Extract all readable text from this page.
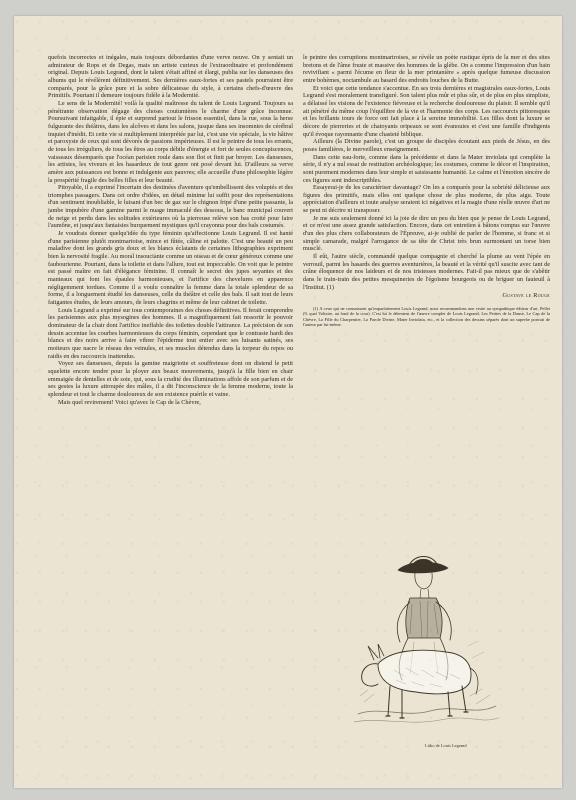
quefois incorrectes et inégales, mais toujours débordantes d'une verve neuve. On y sentait un admirateur de Rops et de Degas, mais un artiste curieux de l'extraordinaire et profondément original. Depuis Louis Legrand, dont le talent s'était affiné et élargi, publia sur les danseuses des albums qui le révélèrent définitivement. Ses dernières eaux-fortes et ses pastels pourraient être comparés, pour la grâce pure et la sobre délicatesse du style, à certains chefs-d'œuvre des Primitifs. Pourtant il demeure toujours fidèle à la Modernité.

Le sens de la Modernité! voilà la qualité maîtresse du talent de Louis Legrand. Toujours sa pénétrante observation dégage des choses coutumières le charme d'une grâce inconnue. Poursuivant infatigable, il épie et surprend partout le frisson essentiel, dans la rue, sous la herse fulgurante des théâtres, dans les alcôves et dans les salons, jusque dans ses insomnies de cérébral inquiet d'inédit. Et cette vie si multiplement interprétée par lui, c'est une vie spéciale, la vie hâtive et paroxyste de ceux qui sont dévorés de passions impérieuses. Il est le peintre de tous les errants, de tous les irréguliers, de tous les êtres au corps débile d'énergie et fort de seules concupiscences, vaisseaux désemparés que l'océan parisien roule dans son flot et finit par broyer. Les danseuses, les artistes, les viveurs et les hasardeux de tout genre ont posé devant lui. D'ailleurs sa verve amère aux puissances est bonne et indulgente aux pauvres; elle accueille d'une philosophie légère la prospérité fragile des belles filles et leur beauté.

Pitoyable, il a exprimé l'incertain des destinées d'aventure qu'embellissent des voluptés et des triomphes passagers. Dans cet ordre d'idées, un détail minime lui suffit pour des représentations d'un sentiment inoubliable, le luisant d'un bec de gaz sur le chignon fripé d'une petite passante, la jambe impubère d'une gamine parmi le nuage immaculé des dessous, le banc municipal couvert de neige et perdu dans les solitudes extérieures où la pierreuse relève son bas crotté pour faire l'aumône, et jusqu'aux fantaisies burquement mystiques qu'il crayonna pour des bals costumés.

Je voudrais donner quelqu'idée du type féminin qu'affectionne Louis Legrand. Il est hanté d'une parisienne plutôt montmartoise, mince et fûtée, câline et palotte. C'est une beauté un peu maladive dont les grands gris doux et les blancs éclatants de certaines lithographies expriment bien la nervosité fragile. Au moral insouciante comme un oiseau et de cœur généreux comme une faubourienne. Pourtant, dans la toilette et dans l'allure, tout est impeccable. On voit que le peintre est passé maître en fait d'élégance féminine. Il connaît le secret des jupes seyantes et des manteaux qui font les épaules harmonieuses, et l'artifice des chevelures en apparence négligemment tordues. Comme il a voulu connaître la femme dans la totale splendeur de sa forme, il a longuement étudié les danseuses, celle du théâtre et celle des bals. Il sait tout de leurs fatigantes études, de leurs amours, de leurs chagrins et même de leur cabinet de toilette.

Louis Legrand a exprimé sur tous contemporaines des choses définitives. Il ferait comprendre les parisiennes aux plus mysogines des hommes. Il a magnifiquement fait ressortir le pouvoir dominateur de la chair dont l'artifice ineffable des toilettes double l'attirance. La précision de son dessin accentue les courbes harmonieuses du corps féminin, cependant que le contraste hardi des blancs et des noirs arrive à faire vibrer l'épiderme tout entier avec ses luisants satinés, ses moiteurs que nacre le réseau des veinules, et ses muscles détendus dans la torpeur du repos ou raidis en des raccourcis inattendus.

Voyez ses danseuses, depuis la gamine maigriotte et souffreteuse dont on distend le petit squelette encore tendre pour la ployer aux beaux mouvements, jusqu'à la fille bien en chair emmaigée de dentelles et de soie, qui, sous la crudité des illuminations affole de son parfum et de ses gestes la luxure attroupée des mâles, il a dit l'inconscience de la femme moderne, toute la splendeur et tout le charme douloureux de son existence puérile et vaine.

Mais quel revirement! Voici qu'avec le Cap de la Chèvre,

le peintre des corruptions montmartroises, se révèle un poète rustique épris de la mer et des sites bretons et de l'âme fruste et massive des hommes de la glèbe. On a comme l'impression d'un bain revivifiant « parmi l'écume en fleur de la mer printanière » après quelque fumeuse discussion entre bohèmes, noctambule au hasard des endroits louches de la Butte.

Et voici que cette tendance s'accentue. En ses trois dernières et magistrales eaux-fortes, Louis Legrand s'est moralement transfiguré. Son talent plus mûr et plus sûr, et de plus en plus simpliste, a délaissé les visions de l'existence fiévreuse et la recherche douloureuse du plaisir. Il semble qu'il ait pénétré du même coup l'équilibre de la vie et l'harmonie des corps. Les raccourcis pittoresques et les brillants tours de force ont fait place à la sereine immobilité. Les filles dont la luxure se décore de pierreries et de chatoyants oripeaux se sont évanouies et c'est une famille d'indigents qu'il évoque rayonnante d'une chasteté biblique.

Ailleurs (la Divine parole), c'est un groupe de disciples écoutant aux pieds de Jésus, en des poses familières, le merveilleux enseignement.

Dans cette eau-forte, comme dans la précédente et dans la Mater inviolata qui complète la série, il n'y a nul essai de restitution archéologique; les costumes, comme le décor et l'inspiration, sont purement modernes dans leur simple et saisissante humanité. Le calme et l'émotion sincère de ces figures sont indescriptibles.

Essayerai-je de les caractériser davantage? On les a comparés pour la sobriété délicieuse aux figures des primitifs, mais elles ont quelque chose de plus moderne, de plus aigu. Toute appréciation d'ailleurs et toute analyse seraient ici négatives et la magie d'une réelle œuvre d'art ne se peut ni décrire ni transposer.

Je me suis seulement donné ici la joie de dire un peu du bien que je pense de Louis Legrand, et ce m'est une assez grande satisfaction. Encore, dans cet entretien à bâtons rompus sur l'œuvre d'un des plus chers collaborateurs de l'Épreuve, ai-je oublié de parler de l'homme, si franc et si simple camarade, malgré l'arrogance de sa tête de Christ très brun surmontant un torse bien musclé.

Il eût, l'autre siècle, commandé quelque compagnie et cherché la plume au vent l'épée en verrouil, parmi les hasards des guerres aventurières, la beauté et la vérité qu'il suscite avec tant de crâne éloquence de nos laideurs et de nos tristesses modernes. Fait-il pas mieux que de s'abêtir dans le train-train des petites mesquineries de l'égoïsme bourgeois ou de briguer un fauteuil à l'Institut. (1)

Gustave le Rouge

(1) A ceux qui ne connaissent qu'imparfaitement Louis Legrand, nous recommandons une visite au sympathique éditeur d'art, Pellet (9, quai Voltaire, au fond de la cour). C'est lui le détenteur de l'œuvre complet de Louis Legrand, Les Petites de la Danse, Le Cap de la Chèvre, La Fille du Charpentier, La Parole Divine, Mater Inviolata, etc., et la collection des dessins séparés dont un superbe portrait de l'auteur par lui-même.

Litho de Louis Legrand
